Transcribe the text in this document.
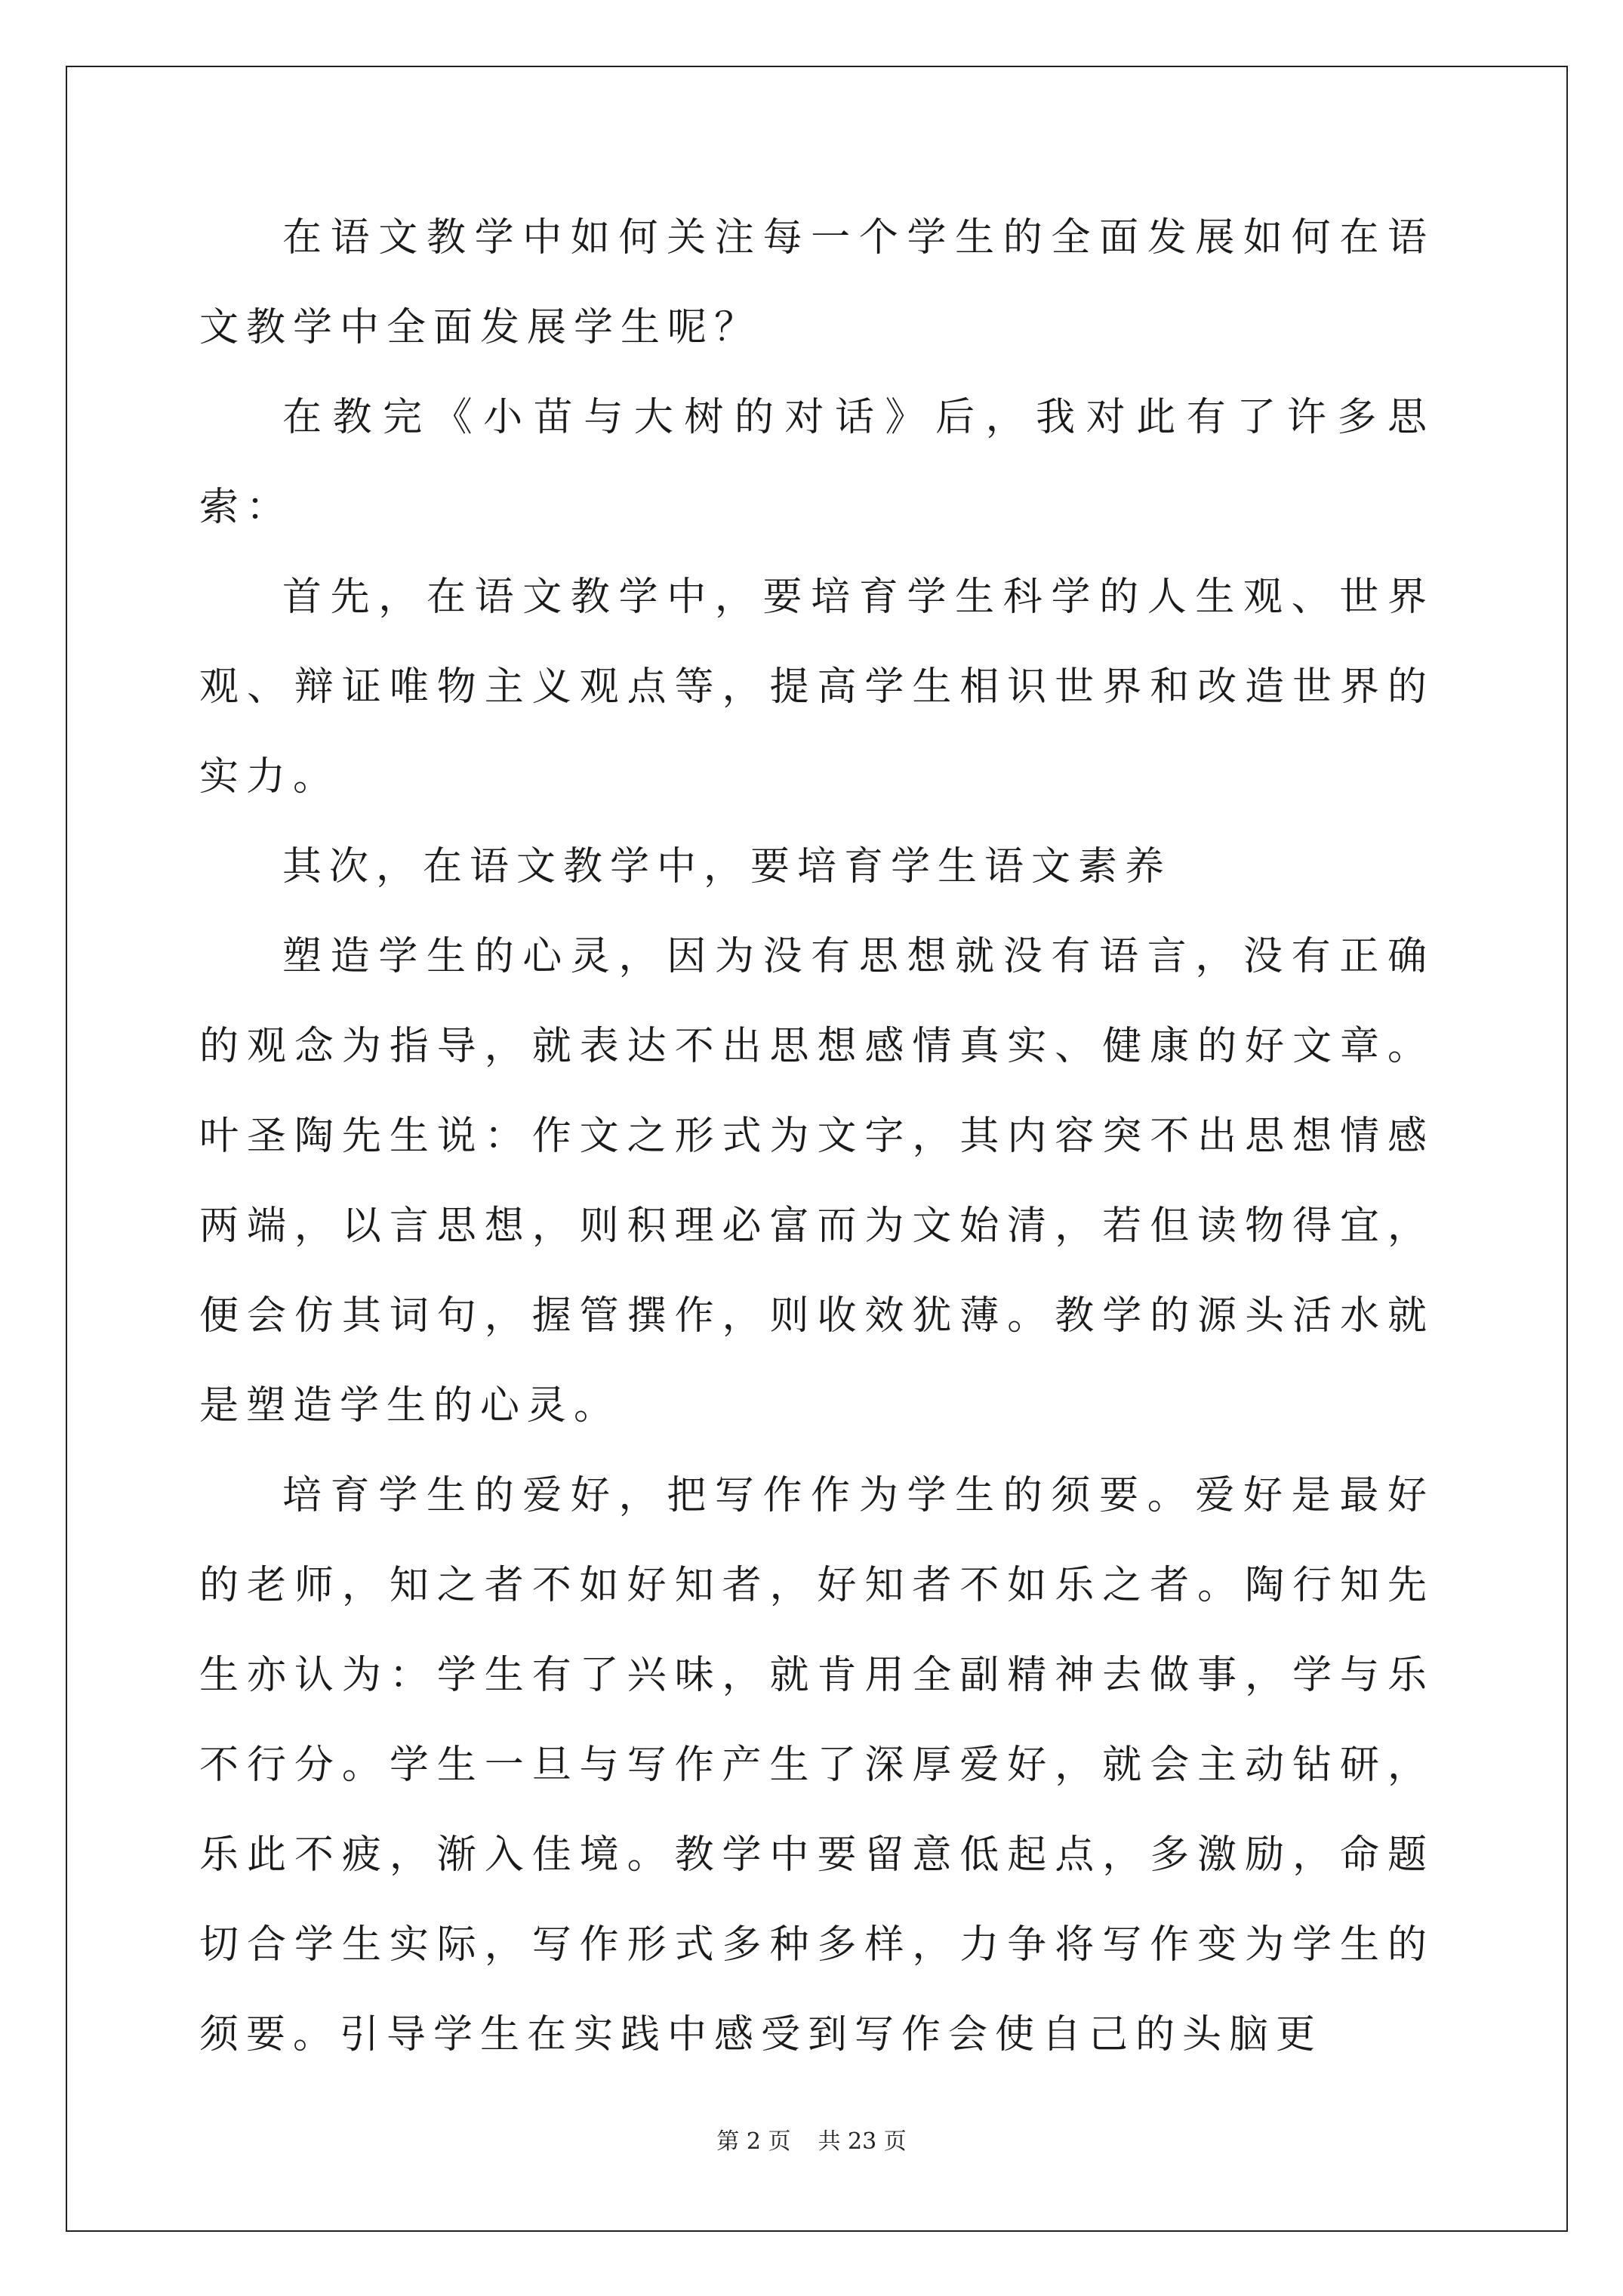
在语文教学中如何关注每一个学生的全面发展如何在语文教学中全面发展学生呢？

在教完《小苗与大树的对话》后，我对此有了许多思索：

首先，在语文教学中，要培育学生科学的人生观、世界观、辩证唯物主义观点等，提高学生相识世界和改造世界的实力。

其次，在语文教学中，要培育学生语文素养

塑造学生的心灵，因为没有思想就没有语言，没有正确的观念为指导，就表达不出思想感情真实、健康的好文章。叶圣陶先生说：作文之形式为文字，其内容突不出思想情感两端，以言思想，则积理必富而为文始清，若但读物得宜，便会仿其词句，握管撰作，则收效犹薄。教学的源头活水就是塑造学生的心灵。

培育学生的爱好，把写作作为学生的须要。爱好是最好的老师，知之者不如好知者，好知者不如乐之者。陶行知先生亦认为：学生有了兴味，就肯用全副精神去做事，学与乐不行分。学生一旦与写作产生了深厚爱好，就会主动钻研，乐此不疲，渐入佳境。教学中要留意低起点，多激励，命题切合学生实际，写作形式多种多样，力争将写作变为学生的须要。引导学生在实践中感受到写作会使自己的头脑更

第 2 页 共 23 页
